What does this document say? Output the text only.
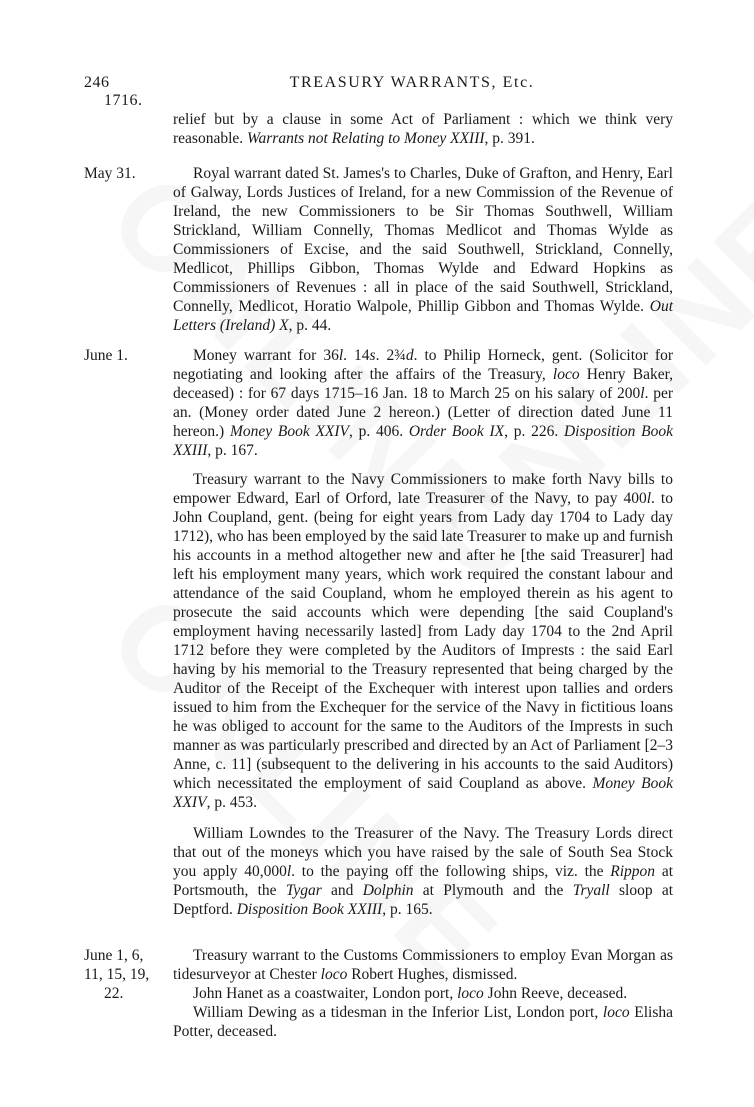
246
1716.
TREASURY WARRANTS, Etc.

relief but by a clause in some Act of Parliament : which we think very reasonable. Warrants not Relating to Money XXIII, p. 391.

May 31.	Royal warrant dated St. James's to Charles, Duke of Grafton, and Henry, Earl of Galway, Lords Justices of Ireland, for a new Commission of the Revenue of Ireland, the new Commissioners to be Sir Thomas Southwell, William Strickland, William Connelly, Thomas Medlicot and Thomas Wylde as Commissioners of Excise, and the said Southwell, Strickland, Connelly, Medlicot, Phillips Gibbon, Thomas Wylde and Edward Hopkins as Commissioners of Revenues : all in place of the said Southwell, Strickland, Connelly, Medlicot, Horatio Walpole, Phillip Gibbon and Thomas Wylde. Out Letters (Ireland) X, p. 44.

June 1.	Money warrant for 36l. 14s. 2¾d. to Philip Horneck, gent. (Solicitor for negotiating and looking after the affairs of the Treasury, loco Henry Baker, deceased) : for 67 days 1715–16 Jan. 18 to March 25 on his salary of 200l. per an. (Money order dated June 2 hereon.) (Letter of direction dated June 11 hereon.) Money Book XXIV, p. 406. Order Book IX, p. 226. Disposition Book XXIII, p. 167.

Treasury warrant to the Navy Commissioners to make forth Navy bills to empower Edward, Earl of Orford, late Treasurer of the Navy, to pay 400l. to John Coupland, gent. (being for eight years from Lady day 1704 to Lady day 1712), who has been employed by the said late Treasurer to make up and furnish his accounts in a method altogether new and after he [the said Treasurer] had left his employment many years, which work required the constant labour and attendance of the said Coupland, whom he employed therein as his agent to prosecute the said accounts which were depending [the said Coupland's employment having necessarily lasted] from Lady day 1704 to the 2nd April 1712 before they were completed by the Auditors of Imprests : the said Earl having by his memorial to the Treasury represented that being charged by the Auditor of the Receipt of the Exchequer with interest upon tallies and orders issued to him from the Exchequer for the service of the Navy in fictitious loans he was obliged to account for the same to the Auditors of the Imprests in such manner as was particularly prescribed and directed by an Act of Parliament [2–3 Anne, c. 11] (subsequent to the delivering in his accounts to the said Auditors) which necessitated the employment of said Coupland as above. Money Book XXIV, p. 453.

William Lowndes to the Treasurer of the Navy. The Treasury Lords direct that out of the moneys which you have raised by the sale of South Sea Stock you apply 40,000l. to the paying off the following ships, viz. the Rippon at Portsmouth, the Tygar and Dolphin at Plymouth and the Tryall sloop at Deptford. Disposition Book XXIII, p. 165.

June 1, 6,
11, 15, 19,
22.

Treasury warrant to the Customs Commissioners to employ Evan Morgan as tidesurveyor at Chester loco Robert Hughes, dismissed.

John Hanet as a coastwaiter, London port, loco John Reeve, deceased.

William Dewing as a tidesman in the Inferior List, London port, loco Elisha Potter, deceased.
